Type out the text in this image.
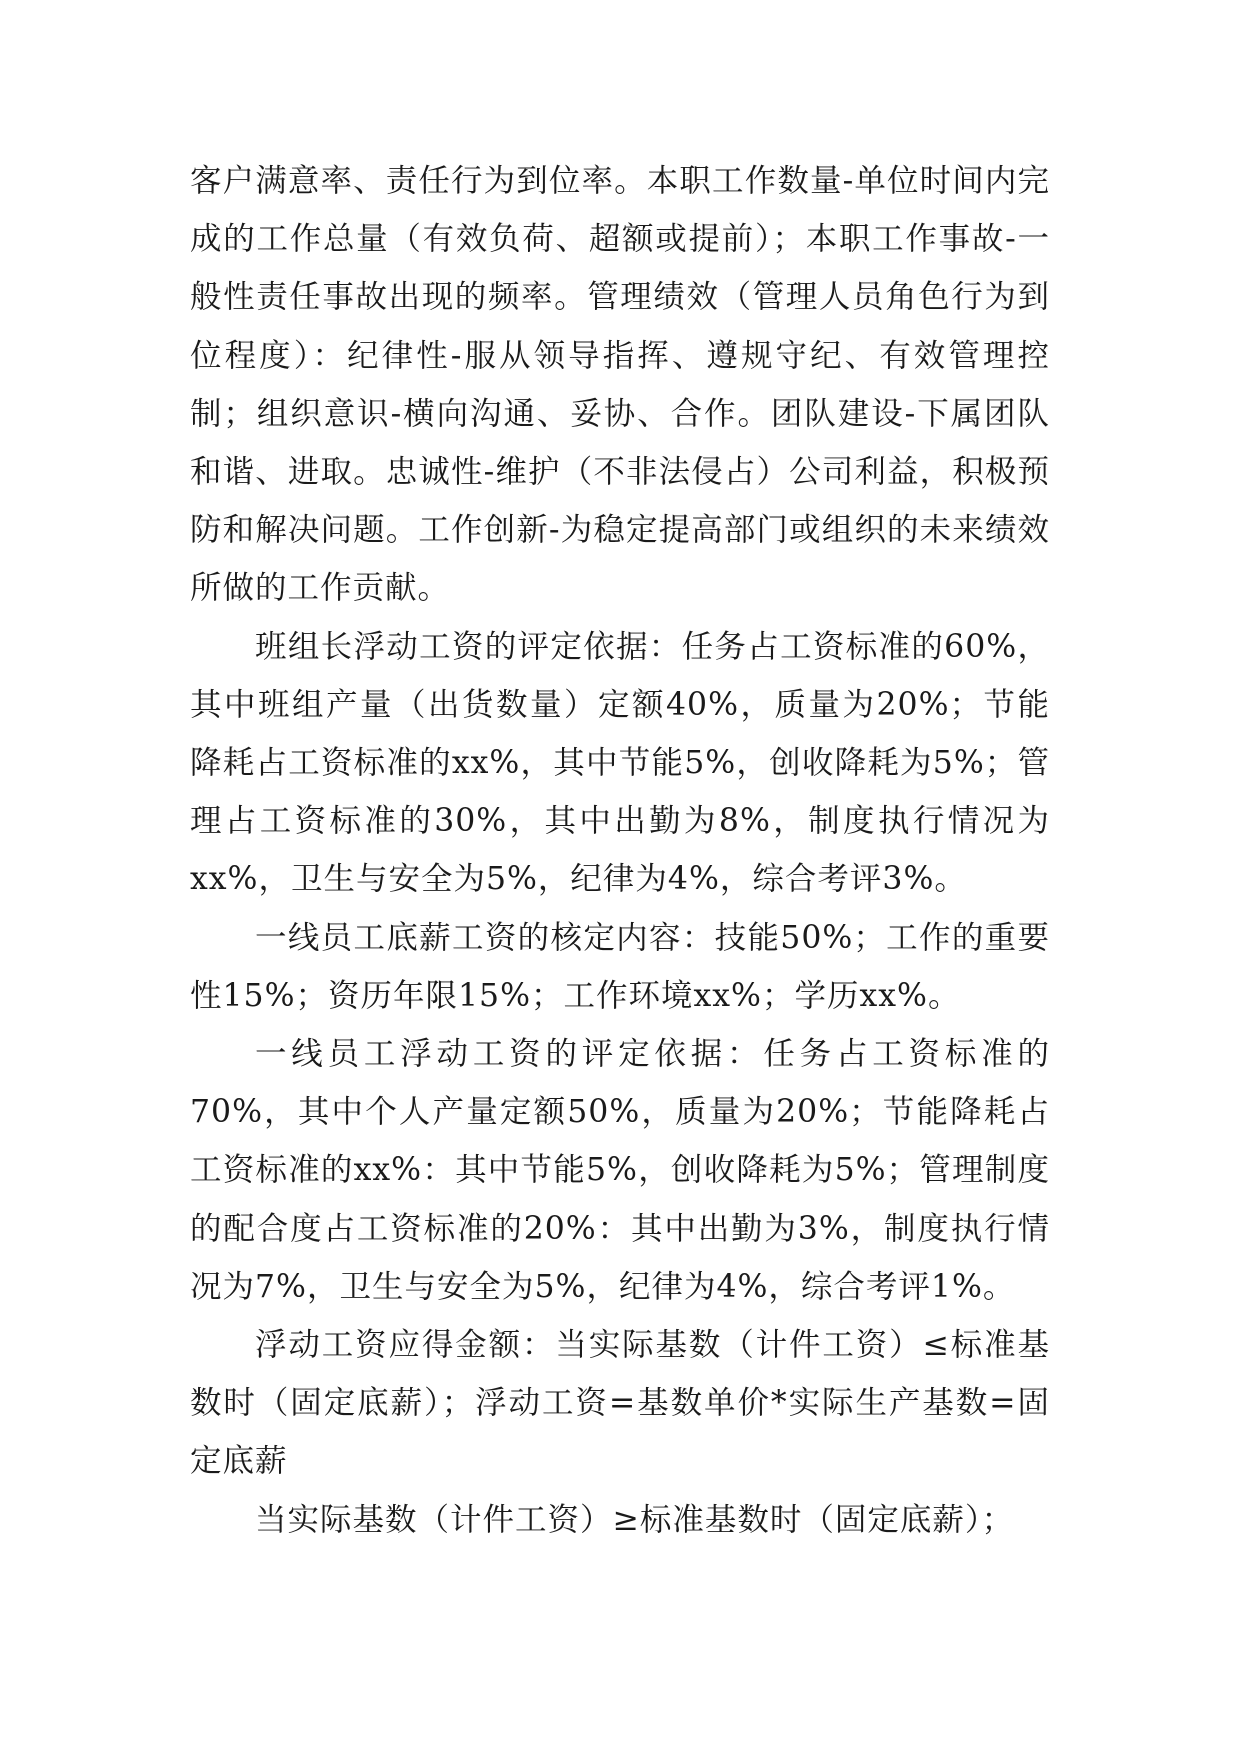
客户满意率、责任行为到位率。本职工作数量-单位时间内完成的工作总量（有效负荷、超额或提前）；本职工作事故-一般性责任事故出现的频率。管理绩效（管理人员角色行为到位程度）：纪律性-服从领导指挥、遵规守纪、有效管理控制；组织意识-横向沟通、妥协、合作。团队建设-下属团队和谐、进取。忠诚性-维护（不非法侵占）公司利益，积极预防和解决问题。工作创新-为稳定提高部门或组织的未来绩效所做的工作贡献。

班组长浮动工资的评定依据：任务占工资标准的60%，其中班组产量（出货数量）定额40%，质量为20%；节能降耗占工资标准的xx%，其中节能5%，创收降耗为5%；管理占工资标准的30%，其中出勤为8%，制度执行情况为xx%，卫生与安全为5%，纪律为4%，综合考评3%。

一线员工底薪工资的核定内容：技能50%；工作的重要性15%；资历年限15%；工作环境xx%；学历xx%。

一线员工浮动工资的评定依据：任务占工资标准的70%，其中个人产量定额50%，质量为20%；节能降耗占工资标准的xx%：其中节能5%，创收降耗为5%；管理制度的配合度占工资标准的20%：其中出勤为3%，制度执行情况为7%，卫生与安全为5%，纪律为4%，综合考评1%。

浮动工资应得金额：当实际基数（计件工资）≤标准基数时（固定底薪）；浮动工资=基数单价*实际生产基数=固定底薪

当实际基数（计件工资）≥标准基数时（固定底薪）；
